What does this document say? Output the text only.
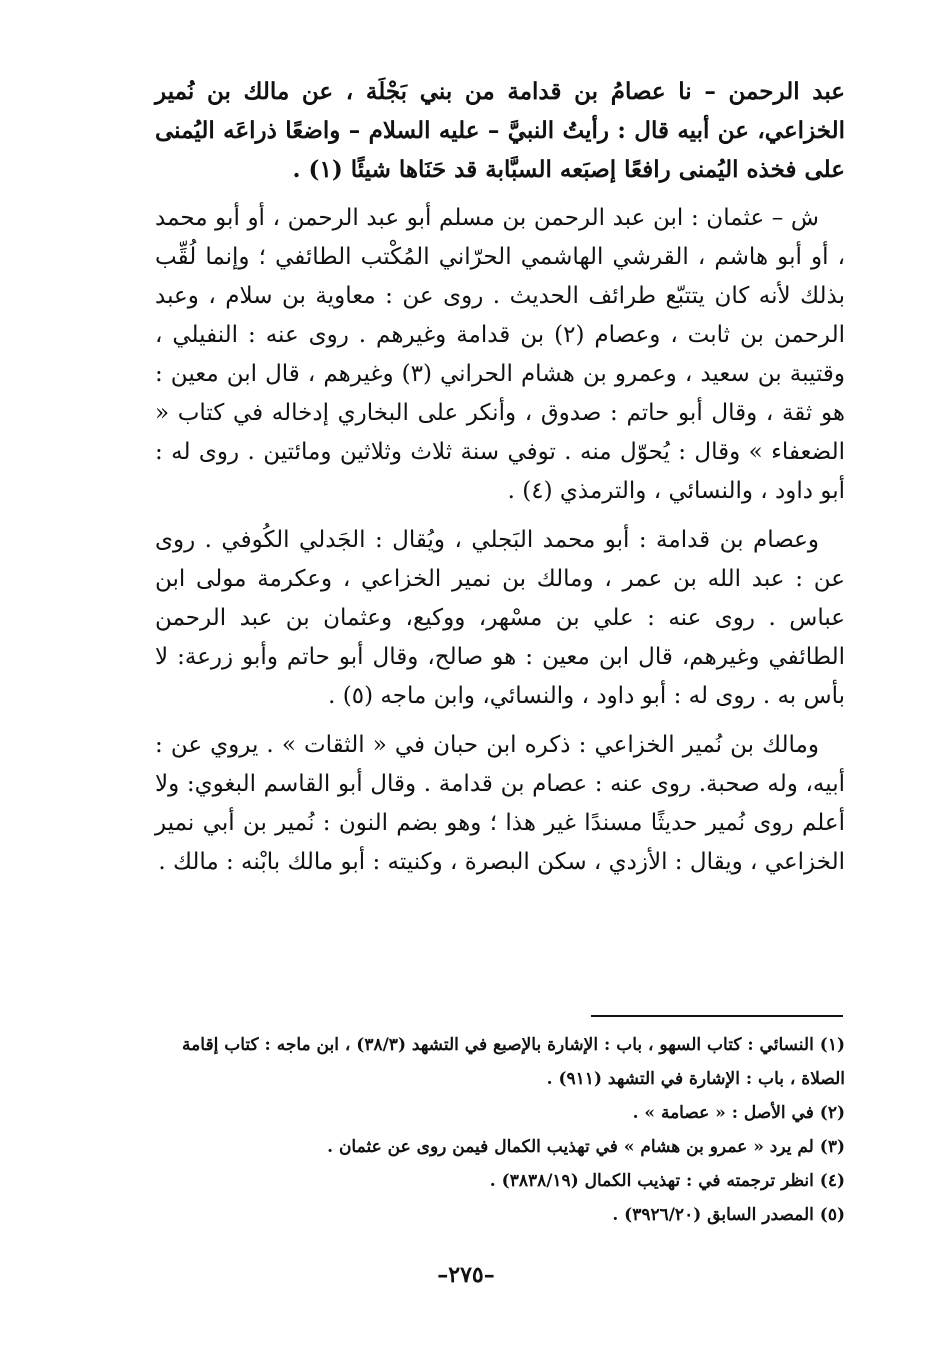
عبد الرحمن – نا عصامُ بن قدامة من بني بَجْلَة ، عن مالك بن نُمير الخزاعي، عن أبيه قال : رأيتُ النبيَّ – عليه السلام – واضعًا ذراعَه اليُمنى على فخذه اليُمنى رافعًا إصبَعه السبَّابة قد حَنَاها شيئًا (١) .

ش – عثمان : ابن عبد الرحمن بن مسلم أبو عبد الرحمن ، أو أبو محمد ، أو أبو هاشم ، القرشي الهاشمي الحرّاني المُكْتب الطائفي ؛ وإنما لُقِّب بذلك لأنه كان يتتبّع طرائف الحديث . روى عن : معاوية بن سلام ، وعبد الرحمن بن ثابت ، وعصام (٢) بن قدامة وغيرهم . روى عنه : النفيلي ، وقتيبة بن سعيد ، وعمرو بن هشام الحراني (٣) وغيرهم ، قال ابن معين : هو ثقة ، وقال أبو حاتم : صدوق ، وأنكر على البخاري إدخاله في كتاب « الضعفاء » وقال : يُحوّل منه . توفي سنة ثلاث وثلاثين ومائتين . روى له : أبو داود ، والنسائي ، والترمذي (٤) .

وعصام بن قدامة : أبو محمد البَجلي ، ويُقال : الجَدلي الكُوفي . روى عن : عبد الله بن عمر ، ومالك بن نمير الخزاعي ، وعكرمة مولى ابن عباس . روى عنه : علي بن مسْهر، ووكيع، وعثمان بن عبد الرحمن الطائفي وغيرهم، قال ابن معين : هو صالح، وقال أبو حاتم وأبو زرعة: لا بأس به . روى له : أبو داود ، والنسائي، وابن ماجه (٥) .

ومالك بن نُمير الخزاعي : ذكره ابن حبان في « الثقات » . يروي عن : أبيه، وله صحبة. روى عنه : عصام بن قدامة . وقال أبو القاسم البغوي: ولا أعلم روى نُمير حديثًا مسندًا غير هذا ؛ وهو بضم النون : نُمير بن أبي نمير الخزاعي ، ويقال : الأزدي ، سكن البصرة ، وكنيته : أبو مالك بابْنه : مالك .

(١) النسائي : كتاب السهو ، باب : الإشارة بالإصبع في التشهد (٣٨/٣) ، ابن ماجه : كتاب إقامة الصلاة ، باب : الإشارة في التشهد (٩١١) .

(٢) في الأصل : « عصامة » .

(٣) لم يرد « عمرو بن هشام » في تهذيب الكمال فيمن روى عن عثمان .

(٤) انظر ترجمته في : تهذيب الكمال (٣٨٣٨/١٩) .

(٥) المصدر السابق (٣٩٢٦/٢٠) .

–٢٧٥–
